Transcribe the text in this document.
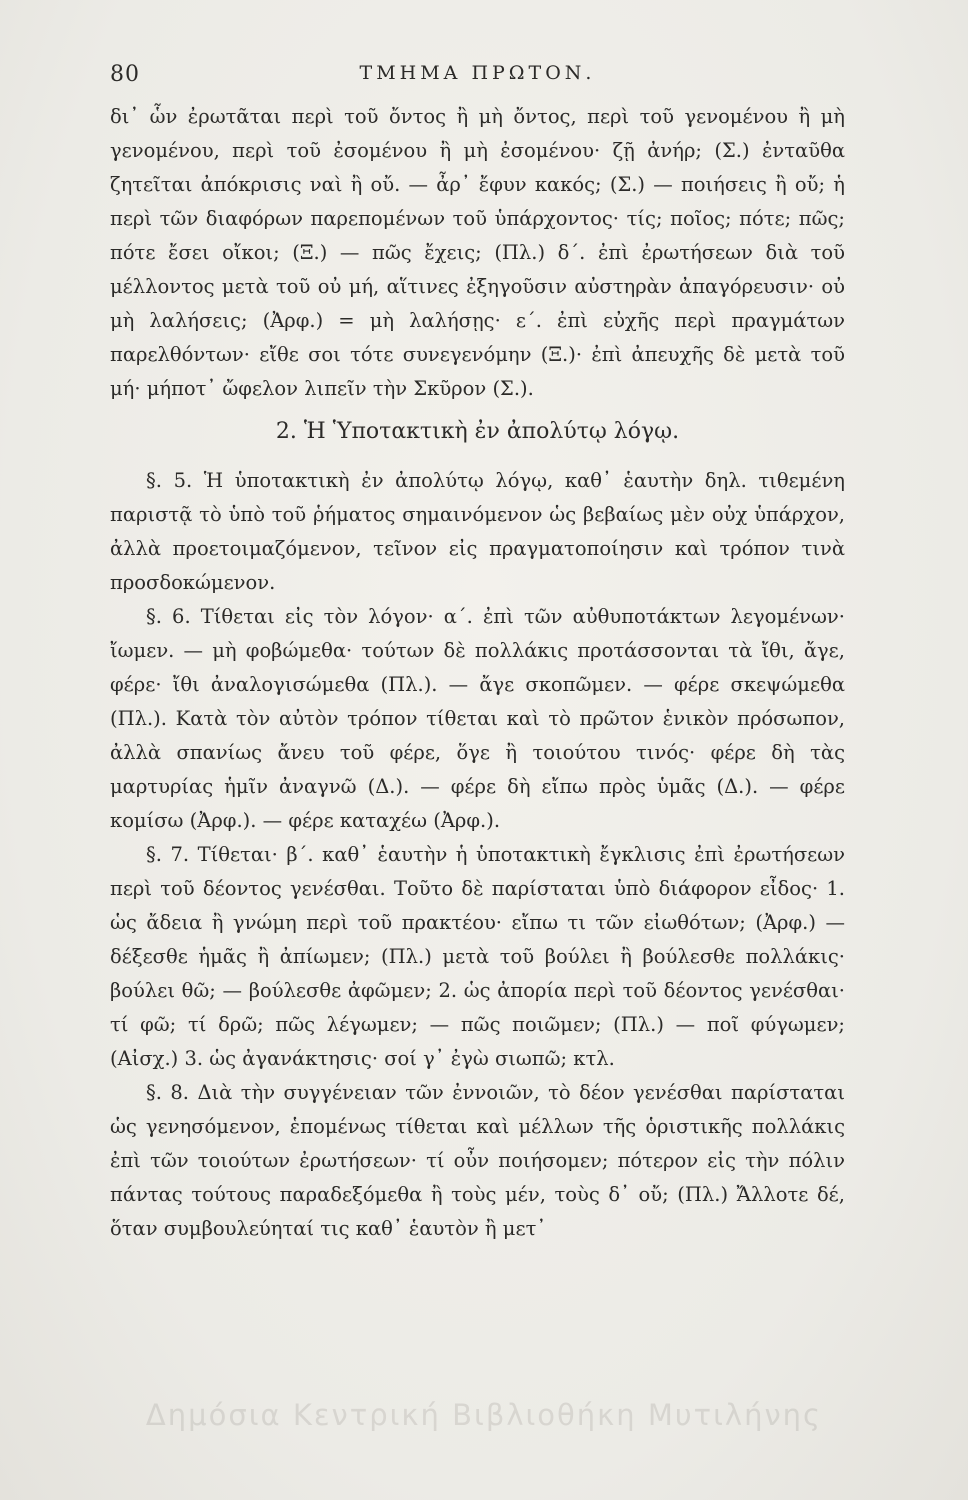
80	ΤΜΗΜΑ ΠΡΩΤΟΝ.

δι᾽ ὧν ἐρωτᾶται περὶ τοῦ ὄντος ἢ μὴ ὄντος, περὶ τοῦ γενομένου ἢ μὴ γενομένου, περὶ τοῦ ἐσομένου ἢ μὴ ἐσομένου· ζῇ ἀνήρ; (Σ.) ἐνταῦθα ζητεῖται ἀπόκρισις ναὶ ἢ οὔ. — ἆρ᾽ ἔφυν κακός; (Σ.) — ποιήσεις ἢ οὔ; ἡ περὶ τῶν διαφόρων παρεπομένων τοῦ ὑπάρχοντος· τίς; ποῖος; πότε; πῶς; πότε ἔσει οἴκοι; (Ξ.) — πῶς ἔχεις; (Πλ.) δ΄. ἐπὶ ἐρωτήσεων διὰ τοῦ μέλλοντος μετὰ τοῦ οὐ μή, αἵτινες ἐξηγοῦσιν αὐστηρὰν ἀπαγόρευσιν· οὐ μὴ λαλήσεις; (Ἀρφ.) = μὴ λαλήσῃς· ε΄. ἐπὶ εὐχῆς περὶ πραγμάτων παρελθόντων· εἴθε σοι τότε συνεγενόμην (Ξ.)· ἐπὶ ἀπευχῆς δὲ μετὰ τοῦ μή· μήποτ᾽ ὤφελον λιπεῖν τὴν Σκῦρον (Σ.).

2. Ἡ Ὑποτακτικὴ ἐν ἀπολύτῳ λόγῳ.

§. 5. Ἡ ὑποτακτικὴ ἐν ἀπολύτῳ λόγῳ, καθ᾽ ἑαυτὴν δηλ. τιθεμένη παριστᾷ τὸ ὑπὸ τοῦ ῥήματος σημαινόμενον ὡς βεβαίως μὲν οὐχ ὑπάρχον, ἀλλὰ προετοιμαζόμενον, τεῖνον εἰς πραγματοποίησιν καὶ τρόπον τινὰ προσδοκώμενον.

§. 6. Τίθεται εἰς τὸν λόγον· α΄. ἐπὶ τῶν αὐθυποτάκτων λεγομένων· ἴωμεν. — μὴ φοβώμεθα· τούτων δὲ πολλάκις προτάσσονται τὰ ἴθι, ἄγε, φέρε· ἴθι ἀναλογισώμεθα (Πλ.). — ἄγε σκοπῶμεν. — φέρε σκεψώμεθα (Πλ.). Κατὰ τὸν αὐτὸν τρόπον τίθεται καὶ τὸ πρῶτον ἑνικὸν πρόσωπον, ἀλλὰ σπανίως ἄνευ τοῦ φέρε, ὅγε ἢ τοιούτου τινός· φέρε δὴ τὰς μαρτυρίας ἡμῖν ἀναγνῶ (Δ.). — φέρε δὴ εἴπω πρὸς ὑμᾶς (Δ.). — φέρε κομίσω (Ἀρφ.). — φέρε καταχέω (Ἀρφ.).

§. 7. Τίθεται· β΄. καθ᾽ ἑαυτὴν ἡ ὑποτακτικὴ ἔγκλισις ἐπὶ ἐρωτήσεων περὶ τοῦ δέοντος γενέσθαι. Τοῦτο δὲ παρίσταται ὑπὸ διάφορον εἶδος· 1. ὡς ἄδεια ἢ γνώμη περὶ τοῦ πρακτέου· εἴπω τι τῶν εἰωθότων; (Ἀρφ.) — δέξεσθε ἡμᾶς ἢ ἀπίωμεν; (Πλ.) μετὰ τοῦ βούλει ἢ βούλεσθε πολλάκις· βούλει θῶ; — βούλεσθε ἀφῶμεν; 2. ὡς ἀπορία περὶ τοῦ δέοντος γενέσθαι· τί φῶ; τί δρῶ; πῶς λέγωμεν; — πῶς ποιῶμεν; (Πλ.) — ποῖ φύγωμεν; (Αἰσχ.) 3. ὡς ἀγανάκτησις· σοί γ᾽ ἐγὼ σιωπῶ; κτλ.

§. 8. Διὰ τὴν συγγένειαν τῶν ἐννοιῶν, τὸ δέον γενέσθαι παρίσταται ὡς γενησόμενον, ἑπομένως τίθεται καὶ μέλλων τῆς ὁριστικῆς πολλάκις ἐπὶ τῶν τοιούτων ἐρωτήσεων· τί οὖν ποιήσομεν; πότερον εἰς τὴν πόλιν πάντας τούτους παραδεξόμεθα ἢ τοὺς μέν, τοὺς δ᾽ οὔ; (Πλ.) Ἄλλοτε δέ, ὅταν συμβουλεύηταί τις καθ᾽ ἑαυτὸν ἢ μετ᾽

Δημόσια Κεντρική Βιβλιοθήκη Μυτιλήνης
